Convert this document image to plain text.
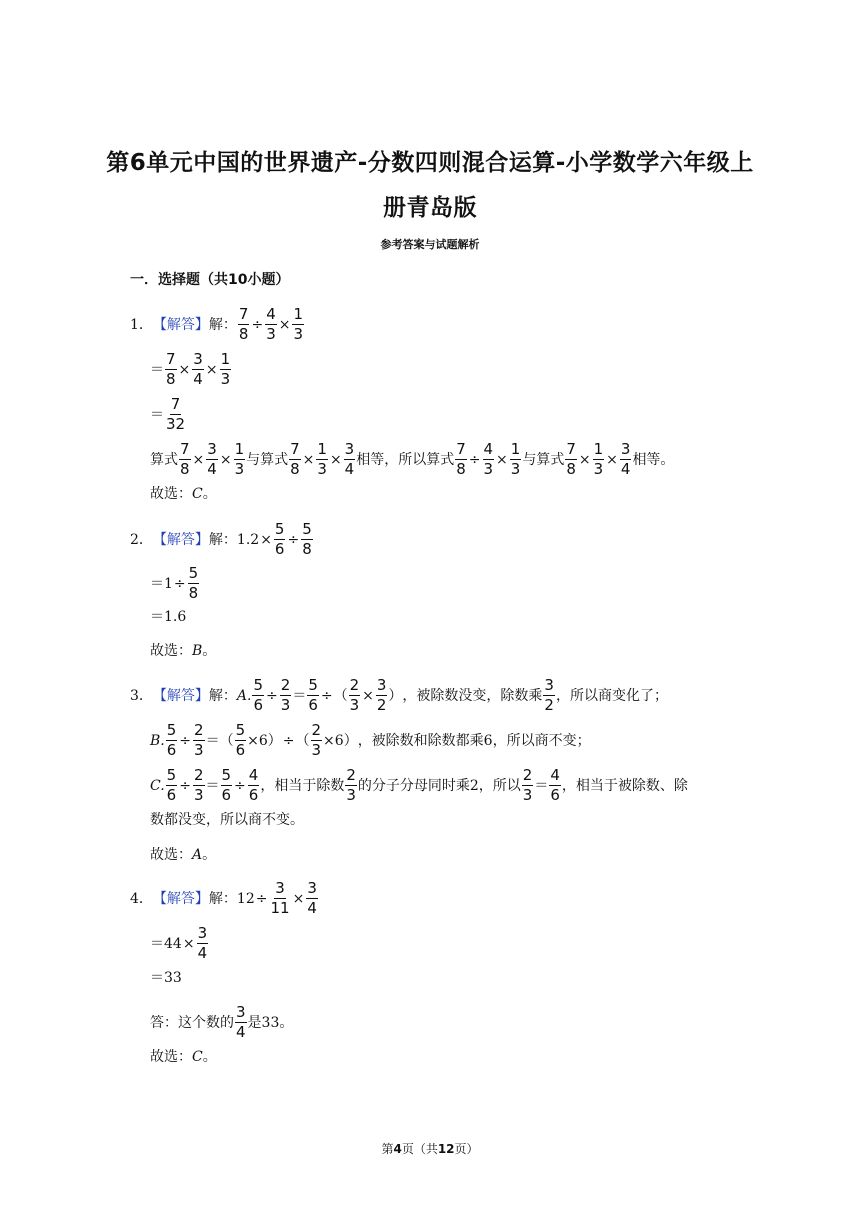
第6单元中国的世界遗产-分数四则混合运算-小学数学六年级上
册青岛版
参考答案与试题解析
一．选择题（共10小题）
1． 【解答】 解： $\frac{7}{8} \div \frac{4}{3} \times \frac{1}{3}$
＝ $\frac{7}{8} \times \frac{3}{4} \times \frac{1}{3}$
＝ $\frac{7}{32}$
算式 $\frac{7}{8} \times \frac{3}{4} \times \frac{1}{3}$ 与算式 $\frac{7}{8} \times \frac{1}{3} \times \frac{3}{4}$ 相等，所以算式 $\frac{7}{8} \div \frac{4}{3} \times \frac{1}{3}$ 与算式 $\frac{7}{8} \times \frac{1}{3} \times \frac{3}{4}$ 相等。
故选： C 。
2． 【解答】 解： $1.2 \times \frac{5}{6} \div \frac{5}{8}$
＝ $1 \div \frac{5}{8}$
＝ 1.6
故选： B 。
3． 【解答】 解： A. $\frac{5}{6} \div \frac{2}{3} = \frac{5}{6}$ ÷ （ $\frac{2}{3} \times \frac{3}{2}$ ） ，被除数没变，除数乘 $\frac{3}{2}$ ，所以商变化了；
B. $\frac{5}{6} \div \frac{2}{3}$ ＝ （ $\frac{5}{6} \times 6$ ） ÷ （ $\frac{2}{3} \times 6$ ） ，被除数和除数都乘6，所以商不变；
C. $\frac{5}{6} \div \frac{2}{3} = \frac{5}{6} \div \frac{4}{6}$ ，相当于除数 $\frac{2}{3}$ 的分子分母同时乘2，所以 $\frac{2}{3} = \frac{4}{6}$ ，相当于被除数、除
数都没变，所以商不变。
故选： A 。
4． 【解答】 解： $12 \div \frac{3}{11} \times \frac{3}{4}$
＝ $44 \times \frac{3}{4}$
＝ 33
答：这个数的 $\frac{3}{4}$ 是33。
故选： C 。
第4页（共12页）
